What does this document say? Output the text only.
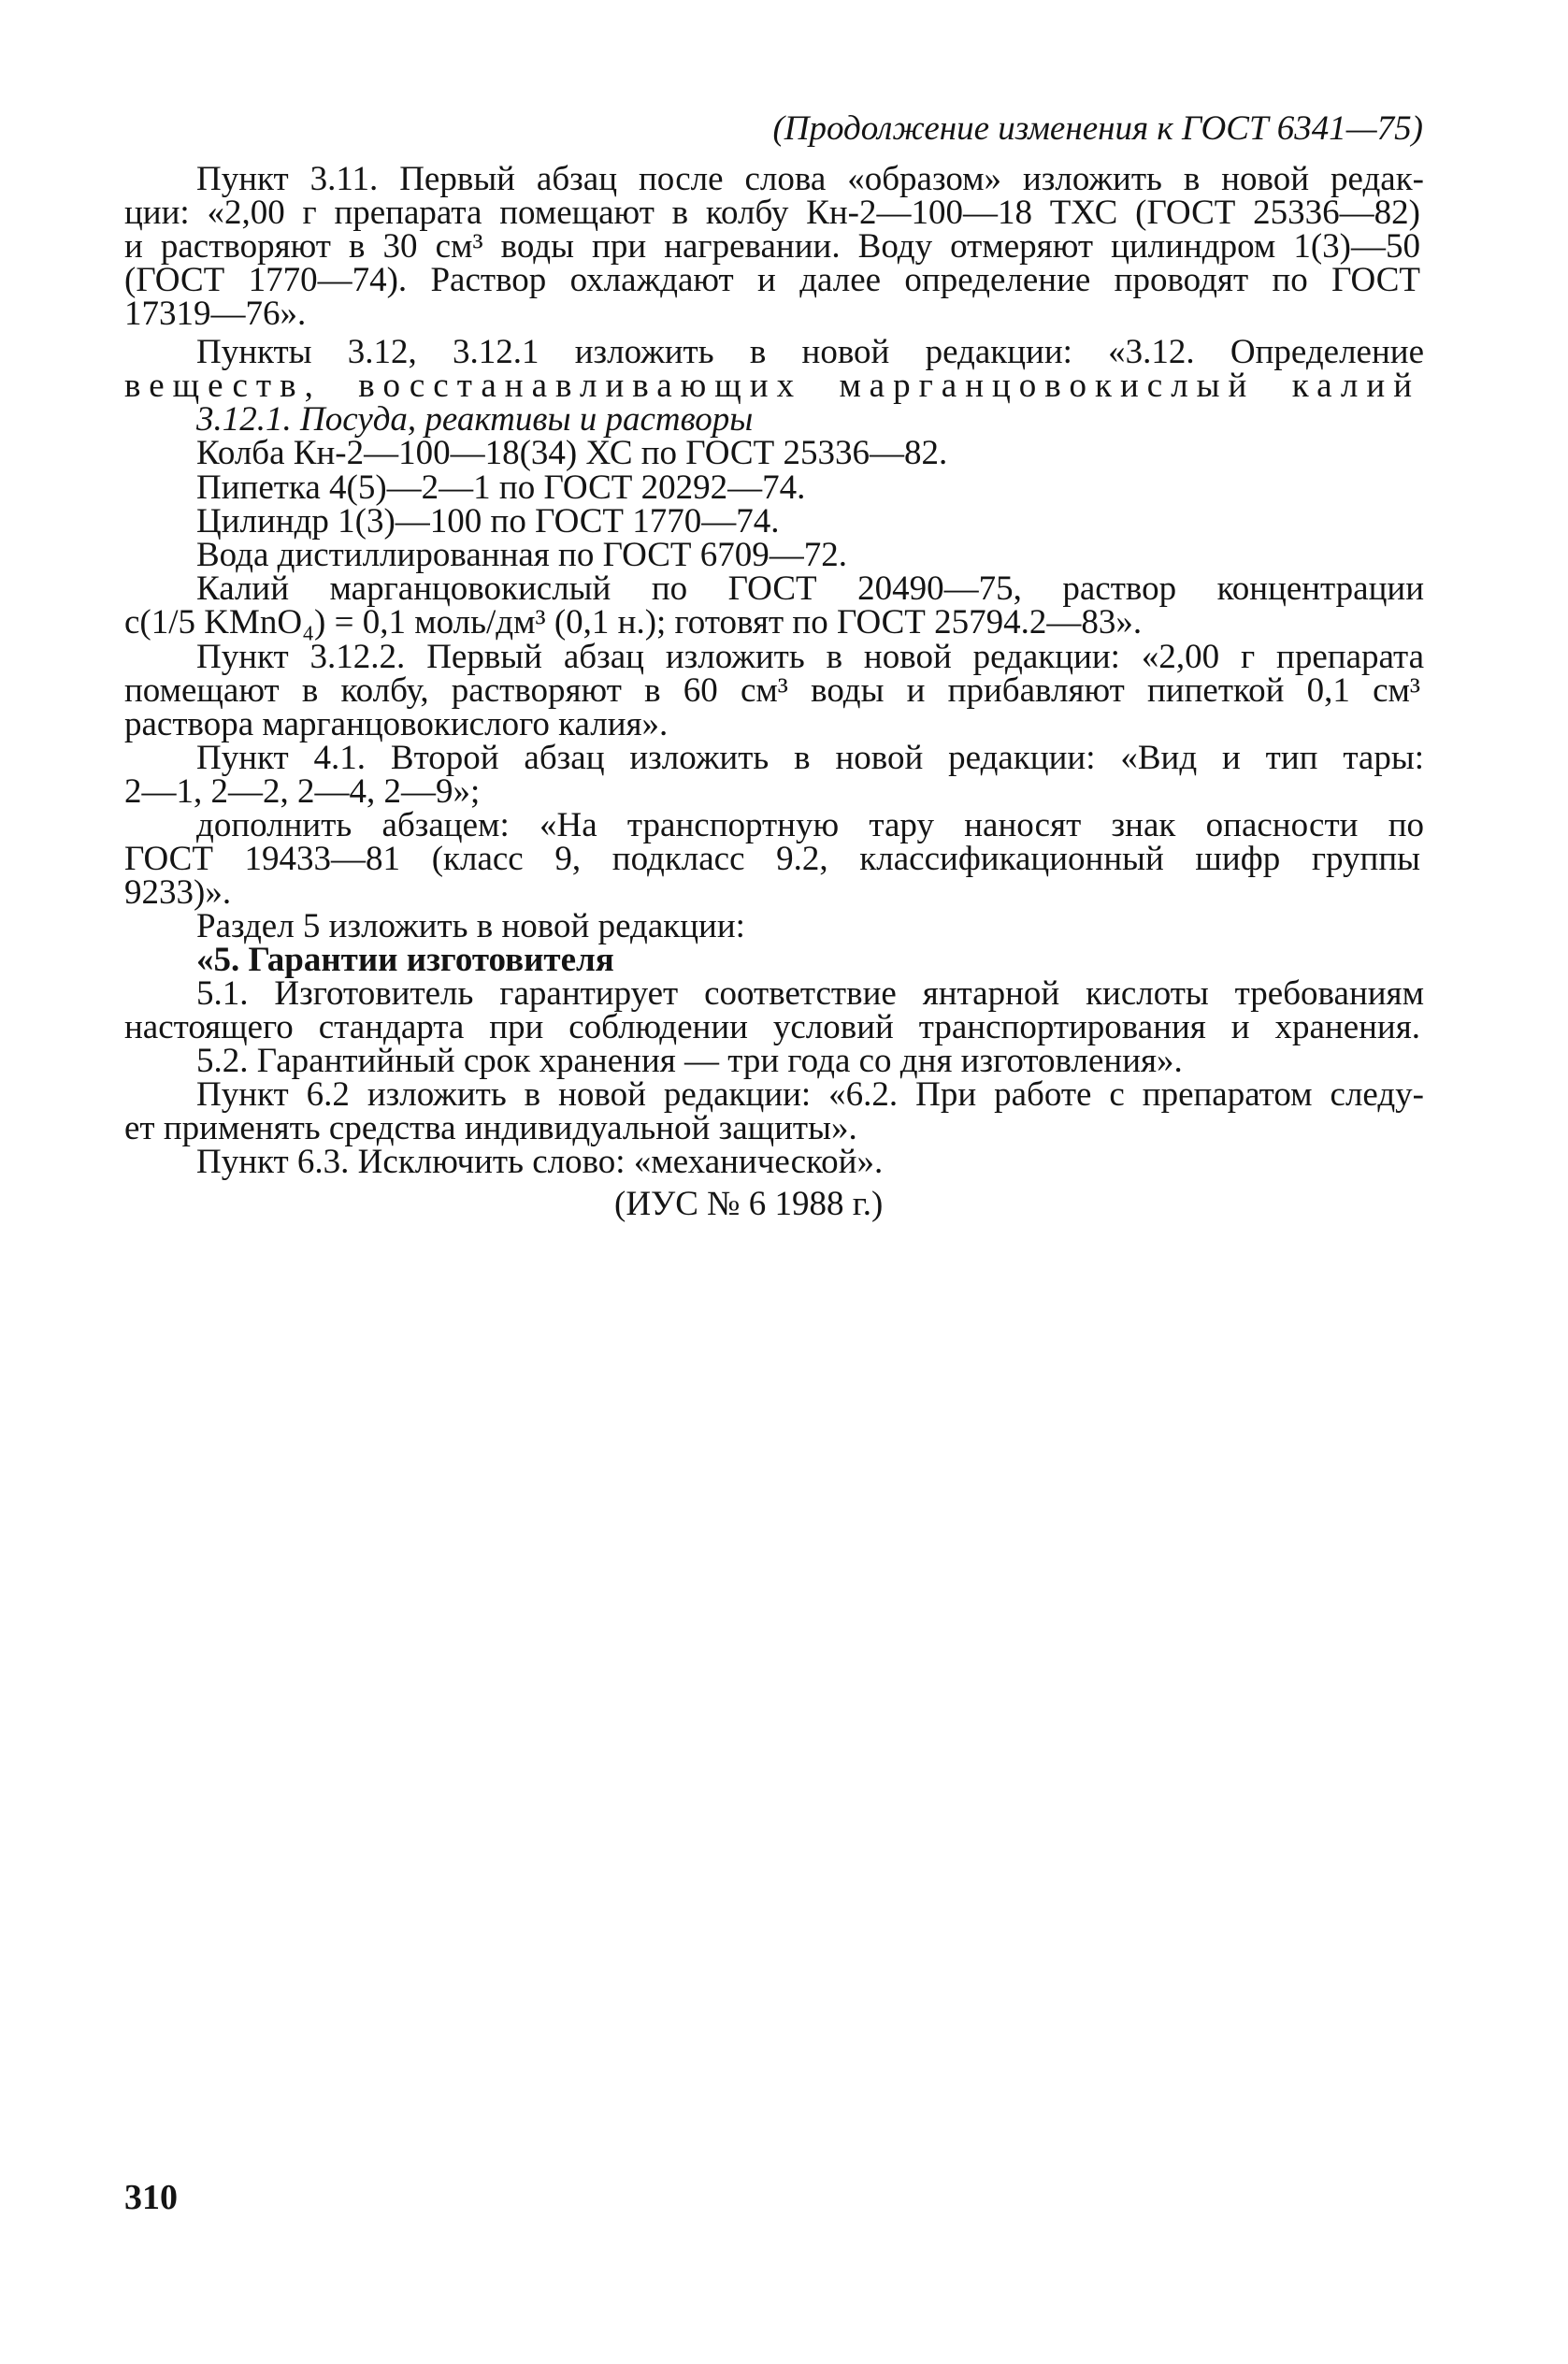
(Продолжение изменения к ГОСТ 6341—75)
Пункт 3.11. Первый абзац после слова «образом» изложить в новой редак-
ции: «2,00 г препарата помещают в колбу Кн-2—100—18 ТХС (ГОСТ 25336—82)
и растворяют в 30 см³ воды при нагревании. Воду отмеряют цилиндром 1(3)—50
(ГОСТ 1770—74). Раствор охлаждают и далее определение проводят по ГОСТ
17319—76».
Пункты 3.12, 3.12.1 изложить в новой редакции: «3.12. Определение
веществ, восстанавливающих марганцовокислый калий
3.12.1. Посуда, реактивы и растворы
Колба Кн-2—100—18(34) ХС по ГОСТ 25336—82.
Пипетка 4(5)—2—1 по ГОСТ 20292—74.
Цилиндр 1(3)—100 по ГОСТ 1770—74.
Вода дистиллированная по ГОСТ 6709—72.
Калий марганцовокислый по ГОСТ 20490—75, раствор концентрации
c(1/5 KMnO₄) = 0,1 моль/дм³ (0,1 н.); готовят по ГОСТ 25794.2—83».
Пункт 3.12.2. Первый абзац изложить в новой редакции: «2,00 г препарата
помещают в колбу, растворяют в 60 см³ воды и прибавляют пипеткой 0,1 см³
раствора марганцовокислого калия».
Пункт 4.1. Второй абзац изложить в новой редакции: «Вид и тип тары:
2—1, 2—2, 2—4, 2—9»;
дополнить абзацем: «На транспортную тару наносят знак опасности по
ГОСТ 19433—81 (класс 9, подкласс 9.2, классификационный шифр группы
9233)».
Раздел 5 изложить в новой редакции:
«5. Гарантии изготовителя
5.1. Изготовитель гарантирует соответствие янтарной кислоты требованиям
настоящего стандарта при соблюдении условий транспортирования и хранения.
5.2. Гарантийный срок хранения — три года со дня изготовления».
Пункт 6.2 изложить в новой редакции: «6.2. При работе с препаратом следу-
ет применять средства индивидуальной защиты».
Пункт 6.3. Исключить слово: «механической».
(ИУС № 6 1988 г.)
310
